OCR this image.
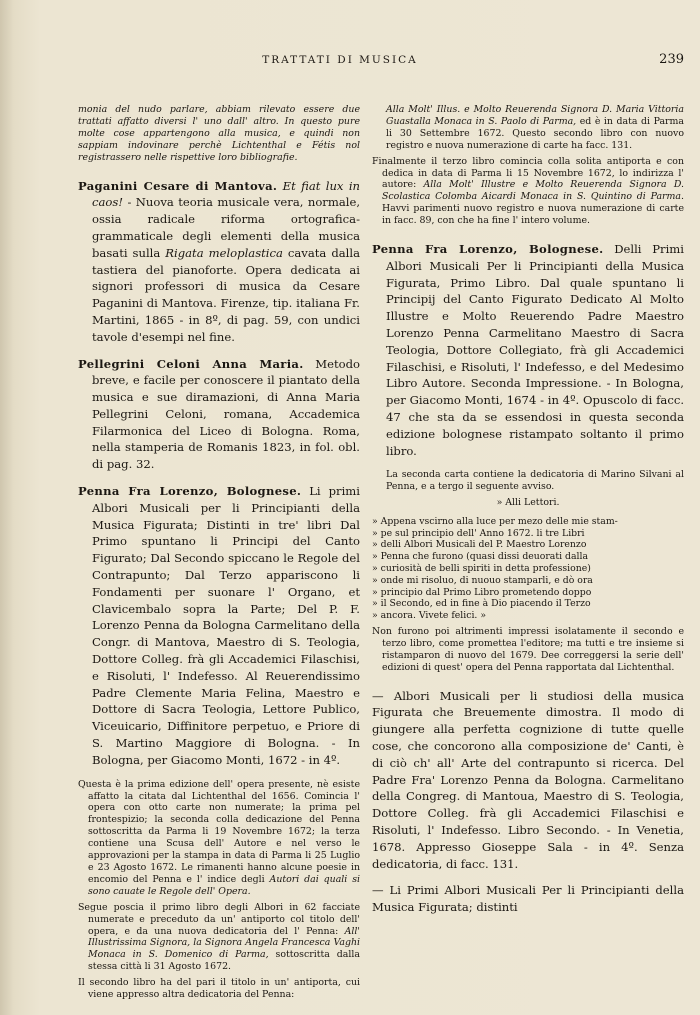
TRATTATI DI MUSICA	239

monia del nudo parlare, abbiam rilevato essere due trattati affatto diversi l' uno dall' altro. In questo pure molte cose appartengono alla musica, e quindi non sappiam indovinare perchè Lichtenthal e Fétis nol registrassero nelle rispettive loro bibliografie.

Paganini Cesare di Mantova. Et fiat lux in caos! - Nuova teoria musicale vera, normale, ossia radicale riforma ortografica-grammaticale degli elementi della musica basati sulla Rigata meloplastica cavata dalla tastiera del pianoforte. Opera dedicata ai signori professori di musica da Cesare Paganini di Mantova. Firenze, tip. italiana Fr. Martini, 1865 - in 8º, di pag. 59, con undici tavole d'esempi nel fine.

Pellegrini Celoni Anna Maria. Metodo breve, e facile per conoscere il piantato della musica e sue diramazioni, di Anna Maria Pellegrini Celoni, romana, Accademica Filarmonica del Liceo di Bologna. Roma, nella stamperia de Romanis 1823, in fol. obl. di pag. 32.

Penna Fra Lorenzo, Bolognese. Li primi Albori Musicali per li Principianti della Musica Figurata; Distinti in tre' libri Dal Primo spuntano li Principi del Canto Figurato; Dal Secondo spiccano le Regole del Contrapunto; Dal Terzo appariscono li Fondamenti per suonare l' Organo, et Clavicembalo sopra la Parte; Del P. F. Lorenzo Penna da Bologna Carmelitano della Congr. di Mantova, Maestro di S. Teologia, Dottore Colleg. frà gli Accademici Filaschisi, e Risoluti, l' Indefesso. Al Reuerendissimo Padre Clemente Maria Felina, Maestro e Dottore di Sacra Teologia, Lettore Publico, Viceuicario, Diffinitore perpetuo, e Priore di S. Martino Maggiore di Bologna. - In Bologna, per Giacomo Monti, 1672 - in 4º.

Questa è la prima edizione dell' opera presente, nè esiste affatto la citata dal Lichtenthal del 1656. Comincia l' opera con otto carte non numerate; la prima pel frontespizio; la seconda colla dedicazione del Penna sottoscritta da Parma li 19 Novembre 1672; la terza contiene una Scusa dell' Autore e nel verso le approvazioni per la stampa in data di Parma li 25 Luglio e 23 Agosto 1672. Le rimanenti hanno alcune poesie in encomio del Penna e l' indice degli Autori dai quali si sono cauate le Regole dell' Opera.

Segue poscia il primo libro degli Albori in 62 facciate numerate e preceduto da un' antiporto col titolo dell' opera, e da una nuova dedicatoria del l' Penna: All' Illustrissima Signora, la Signora Angela Francesca Vaghi Monaca in S. Domenico di Parma, sottoscritta dalla stessa città li 31 Agosto 1672.

Il secondo libro ha del pari il titolo in un' antiporta, cui viene appresso altra dedicatoria del Penna:

Alla Molt' Illus. e Molto Reuerenda Signora D. Maria Vittoria Guastalla Monaca in S. Paolo di Parma, ed è in data di Parma li 30 Settembre 1672. Questo secondo libro con nuovo registro e nuova numerazione di carte ha facc. 131.

Finalmente il terzo libro comincia colla solita antiporta e con dedica in data di Parma li 15 Novembre 1672, lo indirizza l' autore: Alla Molt' Illustre e Molto Reuerenda Signora D. Scolastica Colomba Aicardi Monaca in S. Quintino di Parma. Havvi parimenti nuovo registro e nuova numerazione di carte in facc. 89, con che ha fine l' intero volume.

Penna Fra Lorenzo, Bolognese. Delli Primi Albori Musicali Per li Principianti della Musica Figurata, Primo Libro. Dal quale spuntano li Principij del Canto Figurato Dedicato Al Molto Illustre e Molto Reuerendo Padre Maestro Lorenzo Penna Carmelitano Maestro di Sacra Teologia, Dottore Collegiato, frà gli Accademici Filaschisi, e Risoluti, l' Indefesso, e del Medesimo Libro Autore. Seconda Impressione. - In Bologna, per Giacomo Monti, 1674 - in 4º. Opuscolo di facc. 47 che sta da se essendosi in questa seconda edizione bolognese ristampato soltanto il primo libro.

La seconda carta contiene la dedicatoria di Marino Silvani al Penna, e a tergo il seguente avviso.

» Alli Lettori.

» Appena vscirno alla luce per mezo delle mie stam-

» pe sul principio dell' Anno 1672. li tre Libri

» delli Albori Musicali del P. Maestro Lorenzo

» Penna che furono (quasi dissi deuorati dalla

» curiosità de belli spiriti in detta professione)

» onde mi risoluo, di nuouo stamparli, e dò ora

» principio dal Primo Libro prometendo doppo

» il Secondo, ed in fine à Dio piacendo il Terzo

» ancora. Vivete felici. »

Non furono poi altrimenti impressi isolatamente il secondo e terzo libro, come promettea l'editore; ma tutti e tre insieme si ristamparon di nuovo del 1679. Dee correggersi la serie dell' edizioni di quest' opera del Penna rapportata dal Lichtenthal.

— Albori Musicali per li studiosi della musica Figurata che Breuemente dimostra. Il modo di giungere alla perfetta cognizione di tutte quelle cose, che concorono alla composizione de' Canti, è di ciò ch' all' Arte del contrapunto si ricerca. Del Padre Fra' Lorenzo Penna da Bologna. Carmelitano della Congreg. di Mantoua, Maestro di S. Teologia, Dottore Colleg. frà gli Accademici Filaschisi e Risoluti, l' Indefesso. Libro Secondo. - In Venetia, 1678. Appresso Gioseppe Sala - in 4º. Senza dedicatoria, di facc. 131.

— Li Primi Albori Musicali Per li Principianti della Musica Figurata; distinti
